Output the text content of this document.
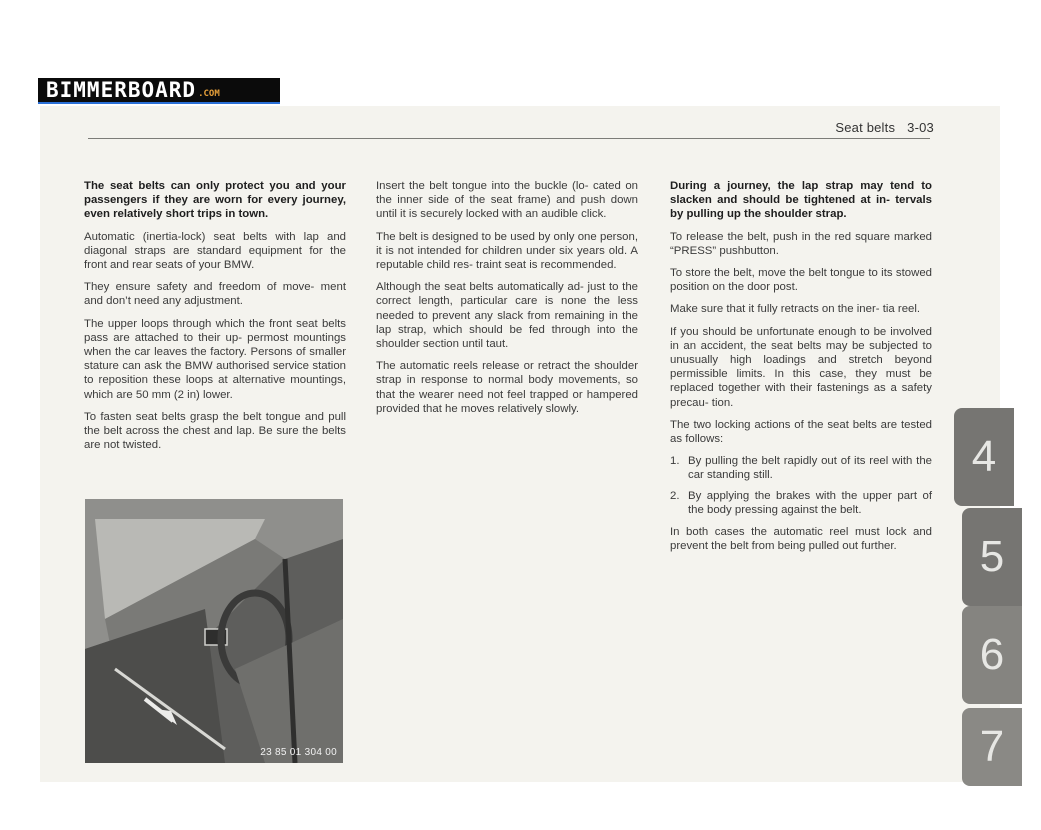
BIMMERBOARD .COM
Seat belts 3-03

The seat belts can only protect you and your passengers if they are worn for every journey, even relatively short trips in town.

Automatic (inertia-lock) seat belts with lap and diagonal straps are standard equipment for the front and rear seats of your BMW.

They ensure safety and freedom of move- ment and don’t need any adjustment.

The upper loops through which the front seat belts pass are attached to their up- permost mountings when the car leaves the factory. Persons of smaller stature can ask the BMW authorised service station to reposition these loops at alternative mountings, which are 50 mm (2 in) lower.

To fasten seat belts grasp the belt tongue and pull the belt across the chest and lap. Be sure the belts are not twisted.

23 85 01 304 00

Insert the belt tongue into the buckle (lo- cated on the inner side of the seat frame) and push down until it is securely locked with an audible click.

The belt is designed to be used by only one person, it is not intended for children under six years old. A reputable child res- traint seat is recommended.

Although the seat belts automatically ad- just to the correct length, particular care is none the less needed to prevent any slack from remaining in the lap strap, which should be fed through into the shoulder section until taut.

The automatic reels release or retract the shoulder strap in response to normal body movements, so that the wearer need not feel trapped or hampered provided that he moves relatively slowly.

During a journey, the lap strap may tend to slacken and should be tightened at in- tervals by pulling up the shoulder strap.

To release the belt, push in the red square marked “PRESS” pushbutton.

To store the belt, move the belt tongue to its stowed position on the door post.

Make sure that it fully retracts on the iner- tia reel.

If you should be unfortunate enough to be involved in an accident, the seat belts may be subjected to unusually high loadings and stretch beyond permissible limits. In this case, they must be replaced together with their fastenings as a safety precau- tion.

The two locking actions of the seat belts are tested as follows:

1. By pulling the belt rapidly out of its reel with the car standing still.
2. By applying the brakes with the upper part of the body pressing against the belt.

In both cases the automatic reel must lock and prevent the belt from being pulled out further.

4
5
6
7
